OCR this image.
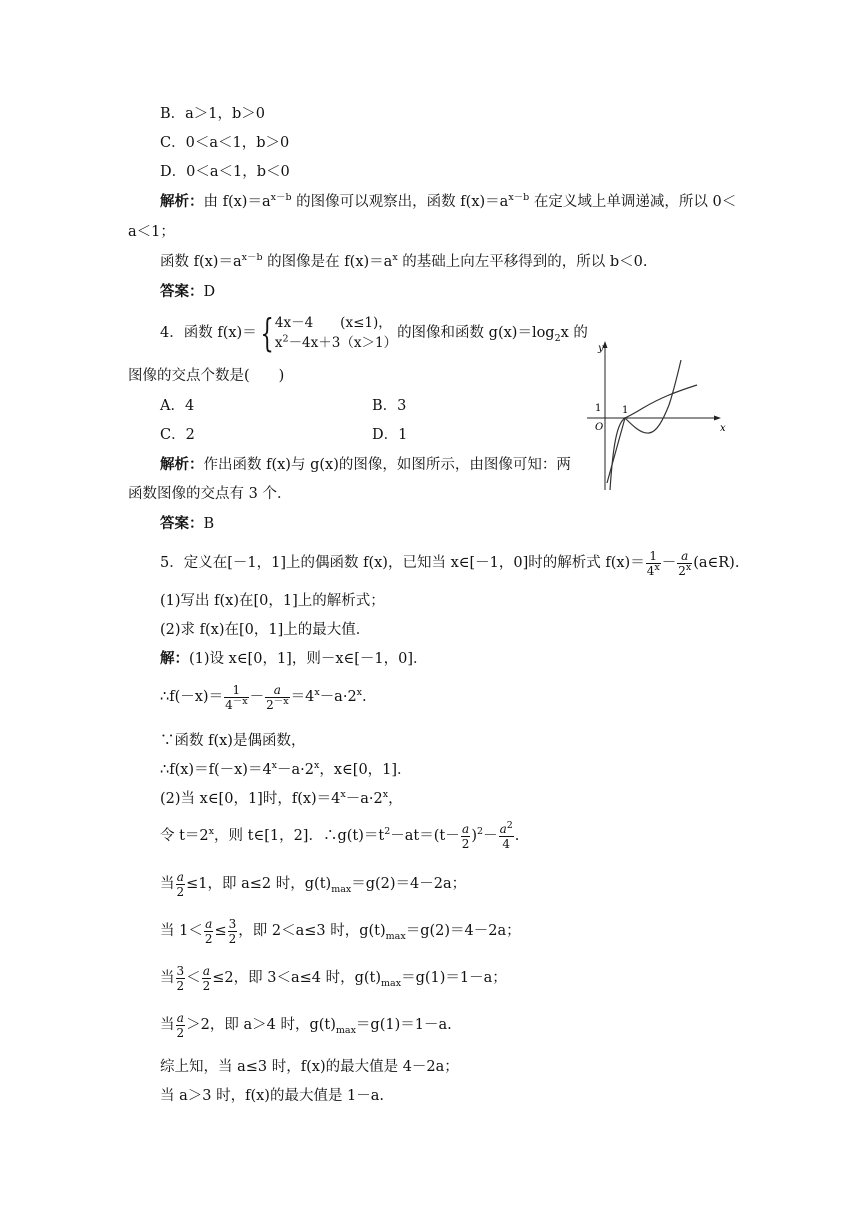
B．a＞1，b＞0
C．0＜a＜1，b＞0
D．0＜a＜1，b＜0
解析：由 $f(x)=a^{x-b}$ 的图像可以观察出，函数 $f(x)=a^{x-b}$ 在定义域上单调递减，所以 0＜
a＜1；
函数 $f(x)=a^{x-b}$ 的图像是在 $f(x)=a^x$ 的基础上向左平移得到的，所以 b＜0.
答案：D
4．函数 f(x)＝{ 4x－4　　(x≤1)，
$x^2-4x+3(x>1)$
的图像和函数 $g(x)=\log_2x$ 的
图像的交点个数是(　　)
A．4	B．3
C．2	D．1
解析：作出函数 f(x)与 g(x)的图像，如图所示，由图像可知：两
函数图像的交点有 3 个．
答案：B
y
x
O
1 1
5．定义在[－1，1]上的偶函数 f(x)，已知当 x∈[－1，0]时的解析式 $f(x)= \frac{1}{4^x} - \frac{a}{2^x}$ (a∈R).
(1)写出 f(x)在[0，1]上的解析式；
(2)求 f(x)在[0，1]上的最大值．
解：(1)设 x∈[0，1]，则－x∈[－1，0]．
∴f(－x)＝ $\frac{1}{4^{-x}} - \frac{a}{2^{-x}} =4^x-a\cdot 2^x$.
∵函数 f(x)是偶函数，
$\therefore f(x)=f(-x)=4^x-a\cdot 2^x$，x∈[0，1]．
(2)当 x∈[0，1]时，$f(x)=4^x-a\cdot 2^x$，
令 $t=2^x$，则 t∈[1，2]．$\therefore g(t)=t^2-at=(t- \frac{a}{2} )^2- \frac{a^2}{4}$ .
当 $\frac{a}{2} \le 1$，即 a≤2 时，$g(t)_{max}=g(2)=4-2a$；
当 $1< \frac{a}{2} \le \frac{3}{2}$ ，即 2＜a≤3 时，$g(t)_{max}=g(2)=4-2a$；
当 $\frac{3}{2} < \frac{a}{2} \le 2$，即 3＜a≤4 时，$g(t)_{max}=g(1)=1-a$；
当 $\frac{a}{2} >2$，即 a＞4 时，$g(t)_{max}=g(1)=1-a$.
综上知，当 a≤3 时，f(x)的最大值是 4－2a；
当 a＞3 时，f(x)的最大值是 1－a.
